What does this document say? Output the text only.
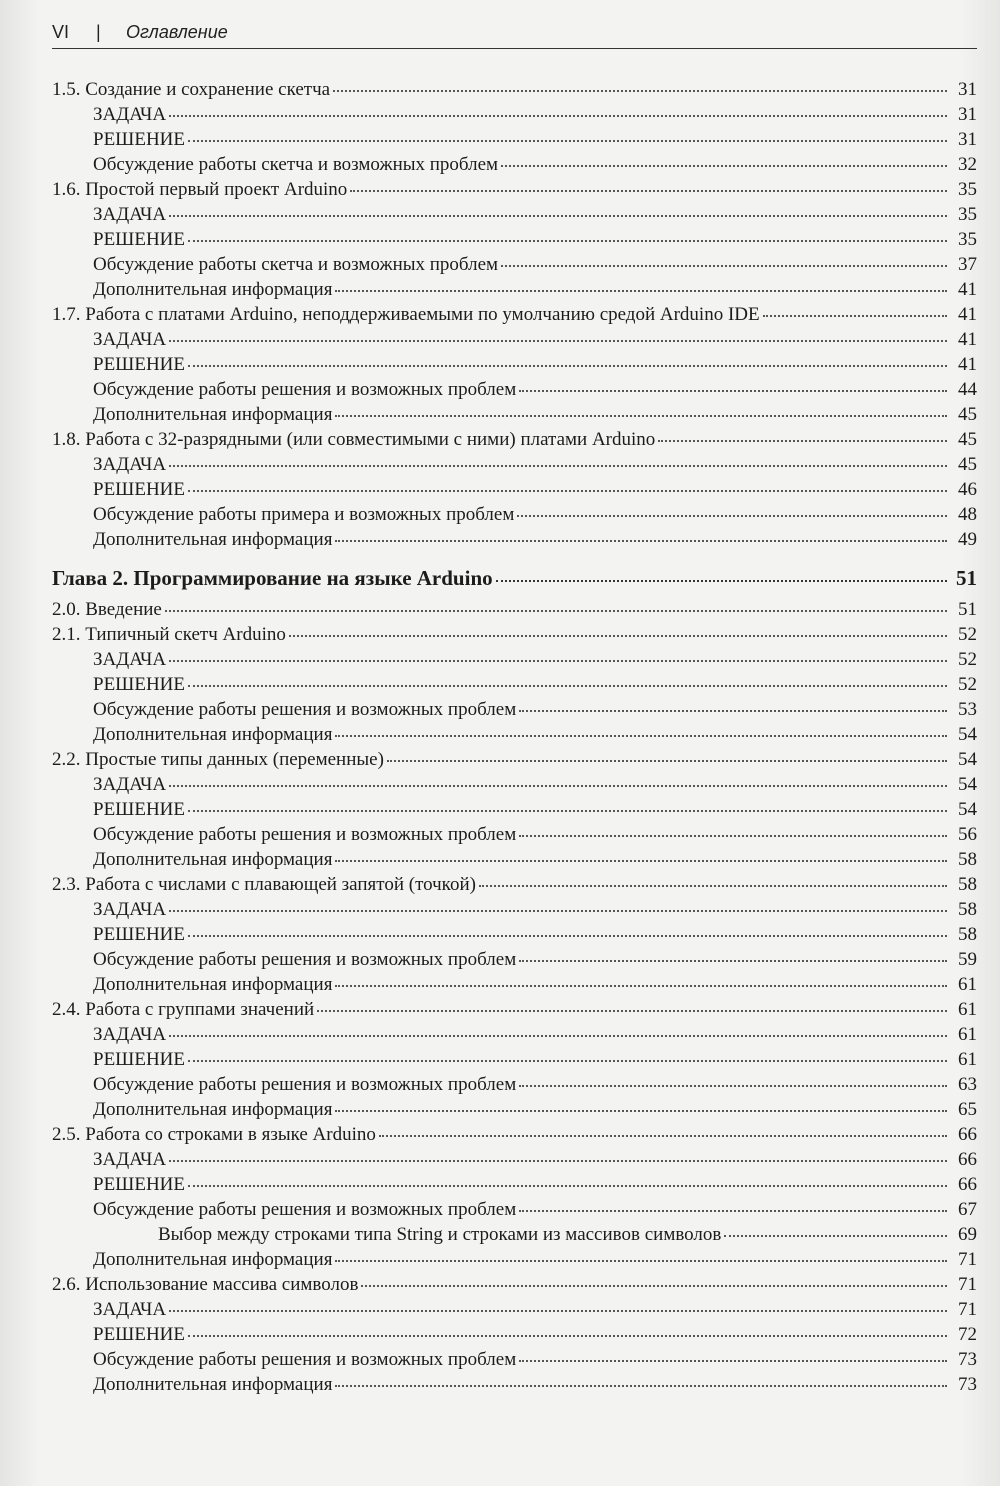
VI | Оглавление
1.5. Создание и сохранение скетча	31
ЗАДАЧА	31
РЕШЕНИЕ	31
Обсуждение работы скетча и возможных проблем	32
1.6. Простой первый проект Arduino	35
ЗАДАЧА	35
РЕШЕНИЕ	35
Обсуждение работы скетча и возможных проблем	37
Дополнительная информация	41
1.7. Работа с платами Arduino, неподдерживаемыми по умолчанию средой Arduino IDE	41
ЗАДАЧА	41
РЕШЕНИЕ	41
Обсуждение работы решения и возможных проблем	44
Дополнительная информация	45
1.8. Работа с 32-разрядными (или совместимыми с ними) платами Arduino	45
ЗАДАЧА	45
РЕШЕНИЕ	46
Обсуждение работы примера и возможных проблем	48
Дополнительная информация	49
Глава 2. Программирование на языке Arduino	51
2.0. Введение	51
2.1. Типичный скетч Arduino	52
ЗАДАЧА	52
РЕШЕНИЕ	52
Обсуждение работы решения и возможных проблем	53
Дополнительная информация	54
2.2. Простые типы данных (переменные)	54
ЗАДАЧА	54
РЕШЕНИЕ	54
Обсуждение работы решения и возможных проблем	56
Дополнительная информация	58
2.3. Работа с числами с плавающей запятой (точкой)	58
ЗАДАЧА	58
РЕШЕНИЕ	58
Обсуждение работы решения и возможных проблем	59
Дополнительная информация	61
2.4. Работа с группами значений	61
ЗАДАЧА	61
РЕШЕНИЕ	61
Обсуждение работы решения и возможных проблем	63
Дополнительная информация	65
2.5. Работа со строками в языке Arduino	66
ЗАДАЧА	66
РЕШЕНИЕ	66
Обсуждение работы решения и возможных проблем	67
Выбор между строками типа String и строками из массивов символов	69
Дополнительная информация	71
2.6. Использование массива символов	71
ЗАДАЧА	71
РЕШЕНИЕ	72
Обсуждение работы решения и возможных проблем	73
Дополнительная информация	73
